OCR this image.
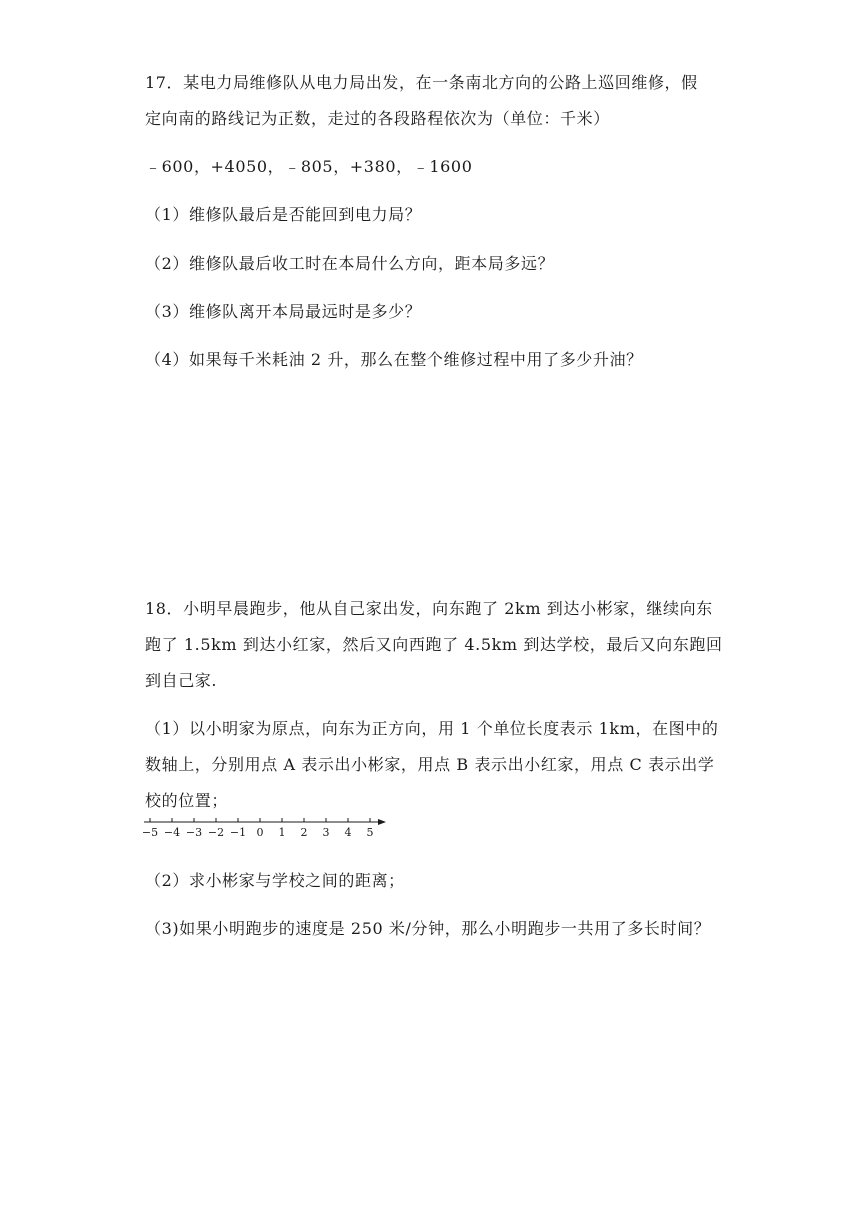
17．某电力局维修队从电力局出发，在一条南北方向的公路上巡回维修，假
定向南的路线记为正数，走过的各段路程依次为（单位：千米）
﹣600，+4050，﹣805，+380，﹣1600
（1）维修队最后是否能回到电力局？
（2）维修队最后收工时在本局什么方向，距本局多远？
（3）维修队离开本局最远时是多少？
（4）如果每千米耗油 2 升，那么在整个维修过程中用了多少升油？
18．小明早晨跑步，他从自己家出发，向东跑了 2km 到达小彬家，继续向东
跑了 1.5km 到达小红家，然后又向西跑了 4.5km 到达学校，最后又向东跑回
到自己家.
（1）以小明家为原点，向东为正方向，用 1 个单位长度表示 1km，在图中的
数轴上，分别用点 A 表示出小彬家，用点 B 表示出小红家，用点 C 表示出学
校的位置；
−5 −4 −3 −2 −1 0 1 2 3 4 5
（2）求小彬家与学校之间的距离；
（3)如果小明跑步的速度是 250 米/分钟，那么小明跑步一共用了多长时间？
